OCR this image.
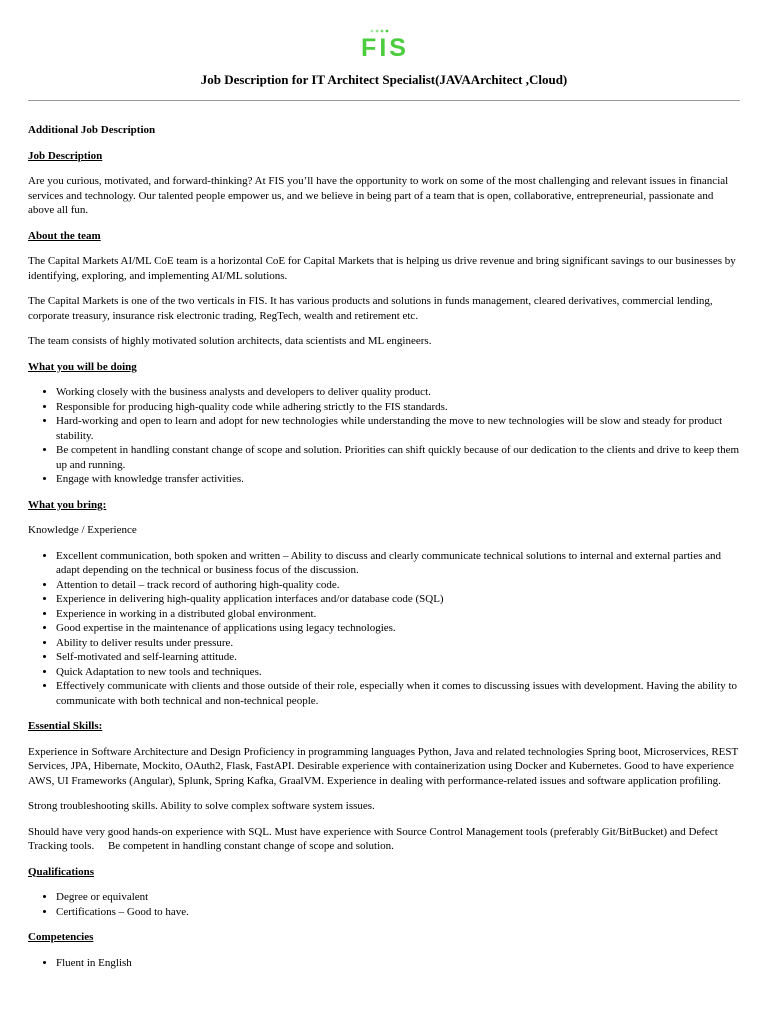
FIS
Job Description for IT Architect Specialist(JAVAArchitect ,Cloud)

Additional Job Description

Job Description

Are you curious, motivated, and forward-thinking? At FIS you’ll have the opportunity to work on some of the most challenging and relevant issues in financial services and technology. Our talented people empower us, and we believe in being part of a team that is open, collaborative, entrepreneurial, passionate and above all fun.

About the team

The Capital Markets AI/ML CoE team is a horizontal CoE for Capital Markets that is helping us drive revenue and bring significant savings to our businesses by identifying, exploring, and implementing AI/ML solutions.

The Capital Markets is one of the two verticals in FIS. It has various products and solutions in funds management, cleared derivatives, commercial lending, corporate treasury, insurance risk electronic trading, RegTech, wealth and retirement etc.

The team consists of highly motivated solution architects, data scientists and ML engineers.

What you will be doing

• Working closely with the business analysts and developers to deliver quality product.
• Responsible for producing high-quality code while adhering strictly to the FIS standards.
• Hard-working and open to learn and adopt for new technologies while understanding the move to new technologies will be slow and steady for product stability.
• Be competent in handling constant change of scope and solution. Priorities can shift quickly because of our dedication to the clients and drive to keep them up and running.
• Engage with knowledge transfer activities.

What you bring:

Knowledge / Experience

• Excellent communication, both spoken and written – Ability to discuss and clearly communicate technical solutions to internal and external parties and adapt depending on the technical or business focus of the discussion.
• Attention to detail – track record of authoring high-quality code.
• Experience in delivering high-quality application interfaces and/or database code (SQL)
• Experience in working in a distributed global environment.
• Good expertise in the maintenance of applications using legacy technologies.
• Ability to deliver results under pressure.
• Self-motivated and self-learning attitude.
• Quick Adaptation to new tools and techniques.
• Effectively communicate with clients and those outside of their role, especially when it comes to discussing issues with development. Having the ability to communicate with both technical and non-technical people.

Essential Skills:

Experience in Software Architecture and Design Proficiency in programming languages Python, Java and related technologies Spring boot, Microservices, REST Services, JPA, Hibernate, Mockito, OAuth2, Flask, FastAPI. Desirable experience with containerization using Docker and Kubernetes. Good to have experience AWS, UI Frameworks (Angular), Splunk, Spring Kafka, GraalVM. Experience in dealing with performance-related issues and software application profiling.

Strong troubleshooting skills. Ability to solve complex software system issues.

Should have very good hands-on experience with SQL. Must have experience with Source Control Management tools (preferably Git/BitBucket) and Defect Tracking tools.     Be competent in handling constant change of scope and solution.

Qualifications

• Degree or equivalent
• Certifications – Good to have.

Competencies

• Fluent in English
